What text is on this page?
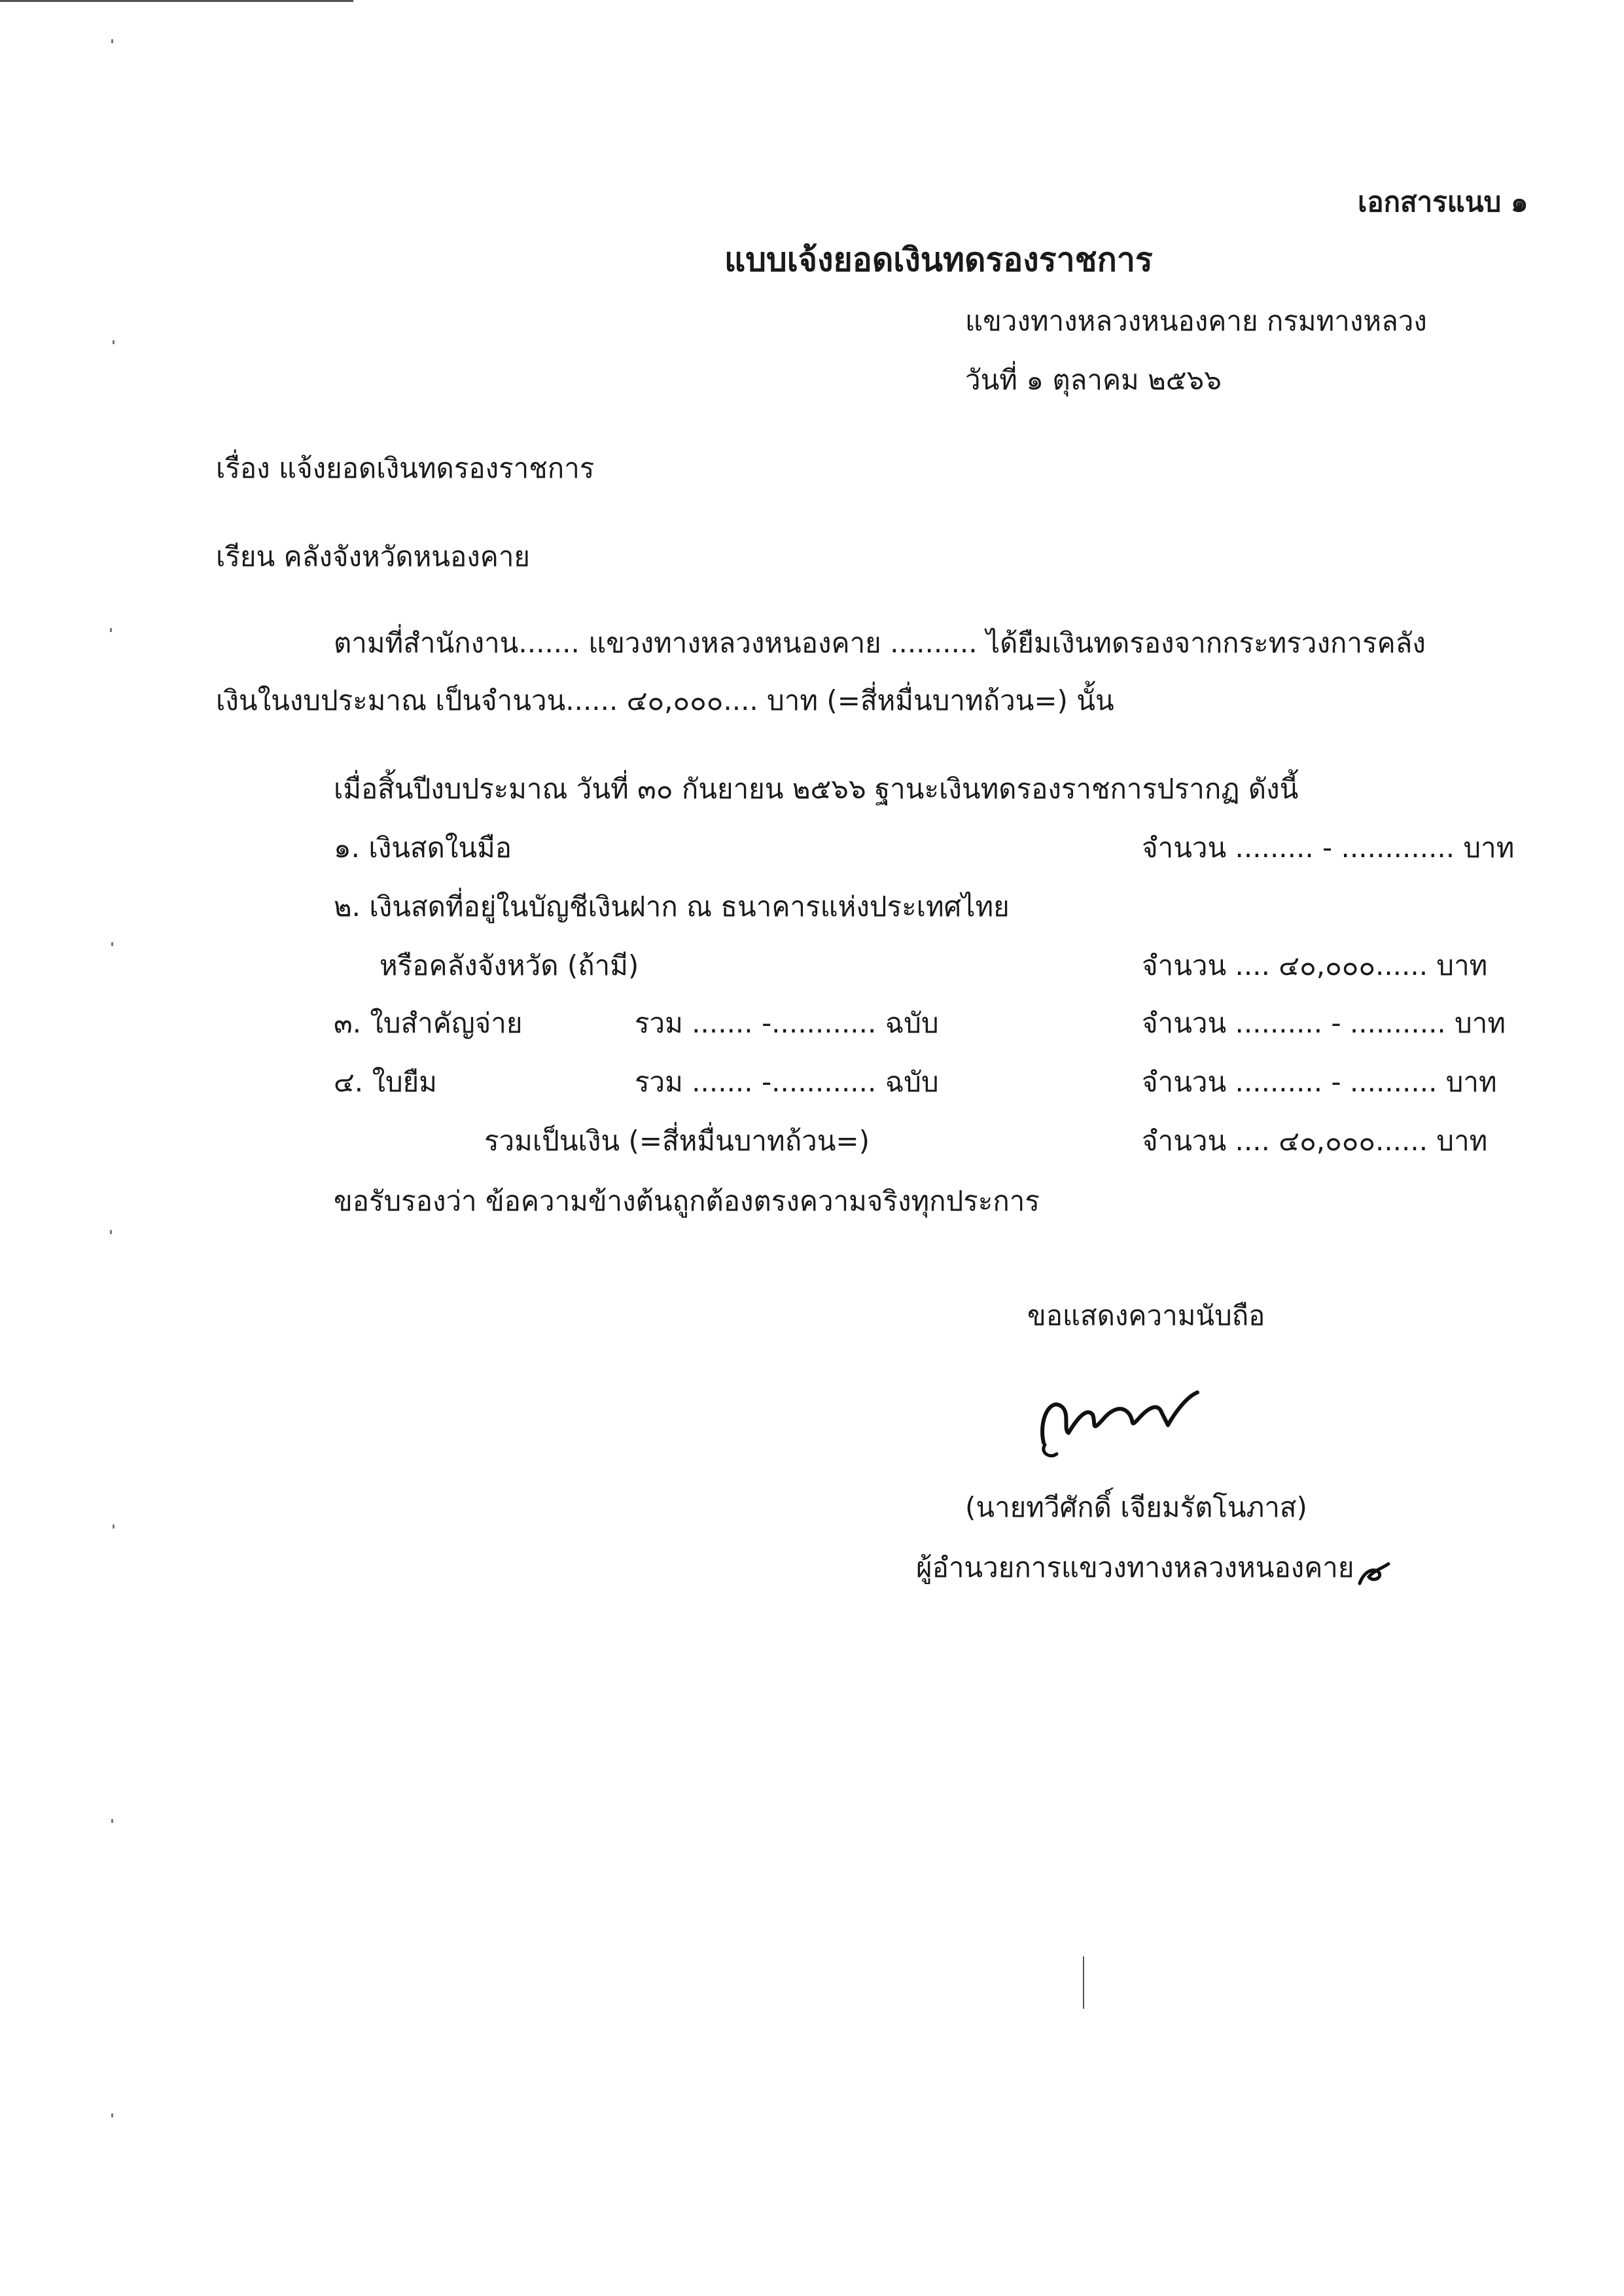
เอกสารแนบ ๑
แบบเจ้งยอดเงินทดรองราชการ
แขวงทางหลวงหนองคาย กรมทางหลวง
วันที่ ๑ ตุลาคม ๒๕๖๖
เรื่อง แจ้งยอดเงินทดรองราชการ
เรียน คลังจังหวัดหนองคาย
ตามที่สำนักงาน....... แขวงทางหลวงหนองคาย .......... ได้ยืมเงินทดรองจากกระทรวงการคลัง
เงินในงบประมาณ เป็นจำนวน...... ๔๐,๐๐๐.... บาท (=สี่หมื่นบาทถ้วน=) นั้น
เมื่อสิ้นปีงบประมาณ วันที่ ๓๐ กันยายน ๒๕๖๖ ฐานะเงินทดรองราชการปรากฏ ดังนี้
๑. เงินสดในมือ	จำนวน ......... - ............. บาท
๒. เงินสดที่อยู่ในบัญชีเงินฝาก ณ ธนาคารแห่งประเทศไทย
หรือคลังจังหวัด (ถ้ามี)	จำนวน .... ๔๐,๐๐๐...... บาท
๓. ใบสำคัญจ่าย	รวม ....... -............ ฉบับ	จำนวน .......... - ........... บาท
๔. ใบยืม	รวม ....... -............ ฉบับ	จำนวน .......... - .......... บาท
รวมเป็นเงิน (=สี่หมื่นบาทถ้วน=)	จำนวน .... ๔๐,๐๐๐...... บาท
ขอรับรองว่า ข้อความข้างต้นถูกต้องตรงความจริงทุกประการ
ขอแสดงความนับถือ
(นายทวีศักดิ์ เจียมรัตโนภาส)
ผู้อำนวยการแขวงทางหลวงหนองคาย
